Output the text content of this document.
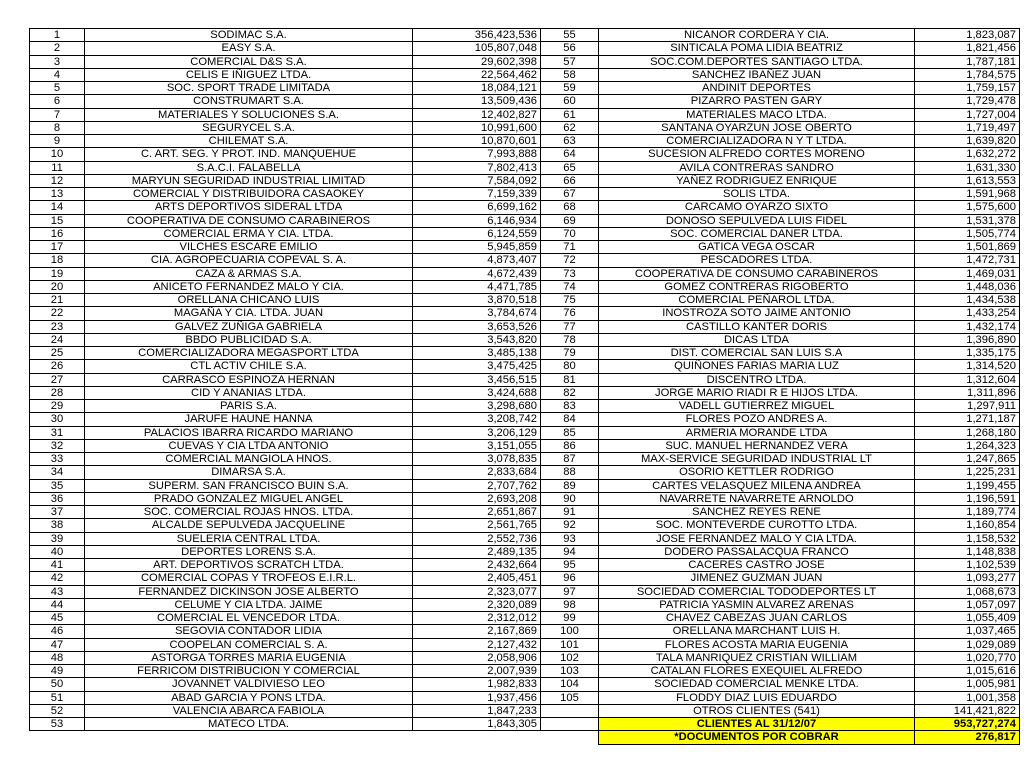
1	SODIMAC S.A.	356,423,536	55	NICANOR CORDERA Y CIA.	1,823,087
2	EASY S.A.	105,807,048	56	SINTICALA POMA LIDIA BEATRIZ	1,821,456
3	COMERCIAL D&S S.A.	29,602,398	57	SOC.COM.DEPORTES SANTIAGO LTDA.	1,787,181
4	CELIS E IÑIGUEZ LTDA.	22,564,462	58	SANCHEZ IBAÑEZ JUAN	1,784,575
5	SOC. SPORT TRADE LIMITADA	18,084,121	59	ANDINIT DEPORTES	1,759,157
6	CONSTRUMART S.A.	13,509,436	60	PIZARRO PASTEN GARY	1,729,478
7	MATERIALES Y SOLUCIONES S.A.	12,402,827	61	MATERIALES MACO LTDA.	1,727,004
8	SEGURYCEL S.A.	10,991,600	62	SANTANA OYARZUN JOSE OBERTO	1,719,497
9	CHILEMAT S.A.	10,870,601	63	COMERCIALIZADORA N Y T LTDA.	1,639,820
10	C. ART. SEG. Y PROT. IND. MANQUEHUE	7,993,888	64	SUCESION ALFREDO CORTES MORENO	1,632,272
11	S.A.C.I. FALABELLA	7,802,413	65	AVILA CONTRERAS SANDRO	1,631,330
12	MARYUN SEGURIDAD INDUSTRIAL LIMITAD	7,584,092	66	YAÑEZ RODRIGUEZ ENRIQUE	1,613,553
13	COMERCIAL Y DISTRIBUIDORA CASAOKEY	7,159,339	67	SOLIS LTDA.	1,591,968
14	ARTS DEPORTIVOS SIDERAL LTDA	6,699,162	68	CARCAMO OYARZO SIXTO	1,575,600
15	COOPERATIVA DE CONSUMO CARABINEROS	6,146,934	69	DONOSO SEPULVEDA LUIS FIDEL	1,531,378
16	COMERCIAL ERMA Y CIA. LTDA.	6,124,559	70	SOC. COMERCIAL DANER LTDA.	1,505,774
17	VILCHES ESCARE EMILIO	5,945,859	71	GATICA VEGA OSCAR	1,501,869
18	CIA. AGROPECUARIA COPEVAL S. A.	4,873,407	72	PESCADORES LTDA.	1,472,731
19	CAZA & ARMAS S.A.	4,672,439	73	COOPERATIVA DE CONSUMO CARABINEROS	1,469,031
20	ANICETO FERNANDEZ MALO Y CIA.	4,471,785	74	GOMEZ CONTRERAS RIGOBERTO	1,448,036
21	ORELLANA CHICANO LUIS	3,870,518	75	COMERCIAL PEÑAROL LTDA.	1,434,538
22	MAGAÑA Y CIA. LTDA. JUAN	3,784,674	76	INOSTROZA SOTO JAIME ANTONIO	1,433,254
23	GALVEZ ZUÑIGA GABRIELA	3,653,526	77	CASTILLO KANTER DORIS	1,432,174
24	BBDO PUBLICIDAD S.A.	3,543,820	78	DICAS LTDA	1,396,890
25	COMERCIALIZADORA MEGASPORT LTDA	3,485,138	79	DIST. COMERCIAL SAN LUIS S.A	1,335,175
26	CTL ACTIV CHILE S.A.	3,475,425	80	QUIÑONES FARIAS MARIA LUZ	1,314,520
27	CARRASCO ESPINOZA HERNAN	3,456,515	81	DISCENTRO LTDA.	1,312,604
28	CID Y ANANIAS LTDA.	3,424,688	82	JORGE MARIO RIADI R E HIJOS LTDA.	1,311,896
29	PARIS S.A.	3,298,680	83	VADELL GUTIERREZ MIGUEL	1,297,911
30	JARUFE HAUNE HANNA	3,208,742	84	FLORES POZO ANDRES A.	1,271,187
31	PALACIOS IBARRA RICARDO MARIANO	3,206,129	85	ARMERIA MORANDE LTDA	1,268,180
32	CUEVAS Y CIA LTDA ANTONIO	3,151,055	86	SUC. MANUEL HERNANDEZ VERA	1,264,323
33	COMERCIAL MANGIOLA HNOS.	3,078,835	87	MAX-SERVICE SEGURIDAD INDUSTRIAL LT	1,247,865
34	DIMARSA S.A.	2,833,684	88	OSORIO KETTLER RODRIGO	1,225,231
35	SUPERM. SAN FRANCISCO BUIN S.A.	2,707,762	89	CARTES VELASQUEZ MILENA ANDREA	1,199,455
36	PRADO GONZALEZ MIGUEL ANGEL	2,693,208	90	NAVARRETE NAVARRETE ARNOLDO	1,196,591
37	SOC. COMERCIAL ROJAS HNOS. LTDA.	2,651,867	91	SANCHEZ REYES RENE	1,189,774
38	ALCALDE SEPULVEDA JACQUELINE	2,561,765	92	SOC. MONTEVERDE CUROTTO LTDA.	1,160,854
39	SUELERIA CENTRAL LTDA.	2,552,736	93	JOSE FERNANDEZ MALO Y CIA LTDA.	1,158,532
40	DEPORTES LORENS S.A.	2,489,135	94	DODERO PASSALACQUA FRANCO	1,148,838
41	ART. DEPORTIVOS SCRATCH LTDA.	2,432,664	95	CACERES CASTRO JOSE	1,102,539
42	COMERCIAL COPAS Y TROFEOS E.I.R.L.	2,405,451	96	JIMENEZ GUZMAN JUAN	1,093,277
43	FERNANDEZ DICKINSON JOSE ALBERTO	2,323,077	97	SOCIEDAD COMERCIAL TODODEPORTES LT	1,068,673
44	CELUME Y CIA LTDA. JAIME	2,320,089	98	PATRICIA YASMIN ALVAREZ ARENAS	1,057,097
45	COMERCIAL EL VENCEDOR LTDA.	2,312,012	99	CHAVEZ CABEZAS JUAN CARLOS	1,055,409
46	SEGOVIA CONTADOR LIDIA	2,167,869	100	ORELLANA MARCHANT LUIS H.	1,037,465
47	COOPELAN COMERCIAL S. A.	2,127,432	101	FLORES ACOSTA MARIA EUGENIA	1,029,089
48	ASTORGA TORRES MARIA EUGENIA	2,058,906	102	TALA MANRIQUEZ CRISTIAN WILLIAM	1,020,770
49	FERRICOM DISTRIBUCION Y COMERCIAL	2,007,939	103	CATALAN FLORES EXEQUIEL ALFREDO	1,015,616
50	JOVANNET VALDIVIESO LEO	1,982,833	104	SOCIEDAD COMERCIAL MENKE LTDA.	1,005,981
51	ABAD GARCIA Y PONS LTDA.	1,937,456	105	FLODDY DIAZ LUIS EDUARDO	1,001,358
52	VALENCIA ABARCA FABIOLA	1,847,233		OTROS CLIENTES (541)	141,421,822
53	MATECO LTDA.	1,843,305		CLIENTES AL 31/12/07	953,727,274
				*DOCUMENTOS POR COBRAR	276,817
